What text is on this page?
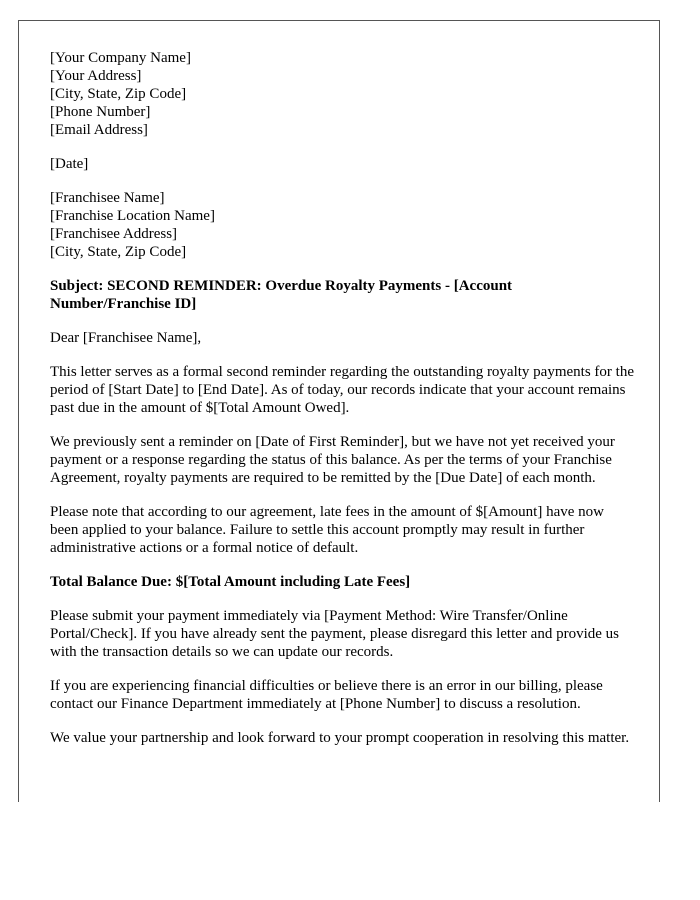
[Your Company Name]
[Your Address]
[City, State, Zip Code]
[Phone Number]
[Email Address]
[Date]
[Franchisee Name]
[Franchise Location Name]
[Franchisee Address]
[City, State, Zip Code]

Subject: SECOND REMINDER: Overdue Royalty Payments - [Account Number/Franchise ID]

Dear [Franchisee Name],

This letter serves as a formal second reminder regarding the outstanding royalty payments for the period of [Start Date] to [End Date]. As of today, our records indicate that your account remains past due in the amount of $[Total Amount Owed].

We previously sent a reminder on [Date of First Reminder], but we have not yet received your payment or a response regarding the status of this balance. As per the terms of your Franchise Agreement, royalty payments are required to be remitted by the [Due Date] of each month.

Please note that according to our agreement, late fees in the amount of $[Amount] have now been applied to your balance. Failure to settle this account promptly may result in further administrative actions or a formal notice of default.

Total Balance Due: $[Total Amount including Late Fees]

Please submit your payment immediately via [Payment Method: Wire Transfer/Online Portal/Check]. If you have already sent the payment, please disregard this letter and provide us with the transaction details so we can update our records.

If you are experiencing financial difficulties or believe there is an error in our billing, please contact our Finance Department immediately at [Phone Number] to discuss a resolution.

We value your partnership and look forward to your prompt cooperation in resolving this matter.
